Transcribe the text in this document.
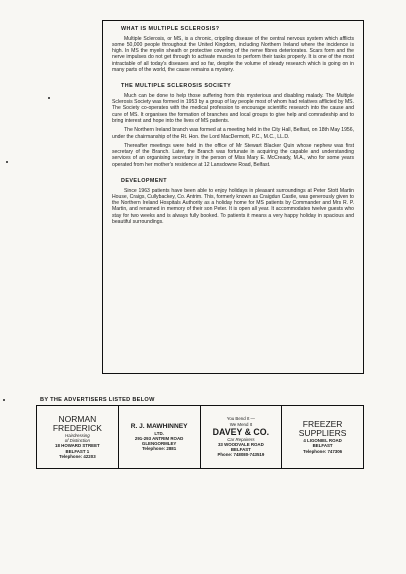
WHAT IS MULTIPLE SCLEROSIS?

Multiple Sclerosis, or MS, is a chronic, crippling disease of the central nervous system which afflicts some 50,000 people throughout the United Kingdom, including Northern Ireland where the incidence is high. In MS the myelin sheath or protective covering of the nerve fibres deteriorates. Scars form and the nerve impulses do not get through to activate muscles to perform their tasks properly. It is one of the most intractable of all today's diseases and so far, despite the volume of steady research which is going on in many parts of the world, the cause remains a mystery.

THE MULTIPLE SCLEROSIS SOCIETY

Much can be done to help those suffering from this mysterious and disabling malady. The Multiple Sclerosis Society was formed in 1953 by a group of lay people most of whom had relatives afflicted by MS. The Society co-operates with the medical profession to encourage scientific research into the cause and cure of MS. It organises the formation of branches and local groups to give help and comradeship and to bring interest and hope into the lives of MS patients.

The Northern Ireland branch was formed at a meeting held in the City Hall, Belfast, on 18th May 1956, under the chairmanship of the Rt. Hon. the Lord MacDermott, P.C., M.C., LL.D.

Thereafter meetings were held in the office of Mr Stewart Blacker Quin whose nephew was first secretary of the Branch. Later, the Branch was fortunate in acquiring the capable and understanding services of an organising secretary in the person of Miss Mary E. McCready, M.A., who for some years operated from her mother's residence at 12 Lansdowne Road, Belfast.

DEVELOPMENT

Since 1963 patients have been able to enjoy holidays in pleasant surroundings at Peter Stott Martin House, Craigs, Cullybackey, Co. Antrim. This, formerly known as Craigdun Castle, was generously given to the Northern Ireland Hospitals Authority as a holiday home for MS patients by Commander and Mrs R. P. Martin, and renamed in memory of their son Peter. It is open all year. It accommodates twelve guests who stay for two weeks and is always fully booked. To patients it means a very happy holiday in spacious and beautiful surroundings.

BY THE ADVERTISERS LISTED BELOW
NORMAN
FREDERICK
Hairdressing
of Distinction
18 HOWARD STREET
BELFAST 1
Telephone: 42203
R. J. MAWHINNEY
LTD.
291-293 ANTRIM ROAD
GLENGORMLEY
Telephone: 2881
You Bend It —
We Mend It
DAVEY & CO.
Car Repairers
33 WOODVALE ROAD
BELFAST
Phone: 748080-743519
FREEZER
SUPPLIERS
4 LIGONIEL ROAD
BELFAST
Telephone: 747306
